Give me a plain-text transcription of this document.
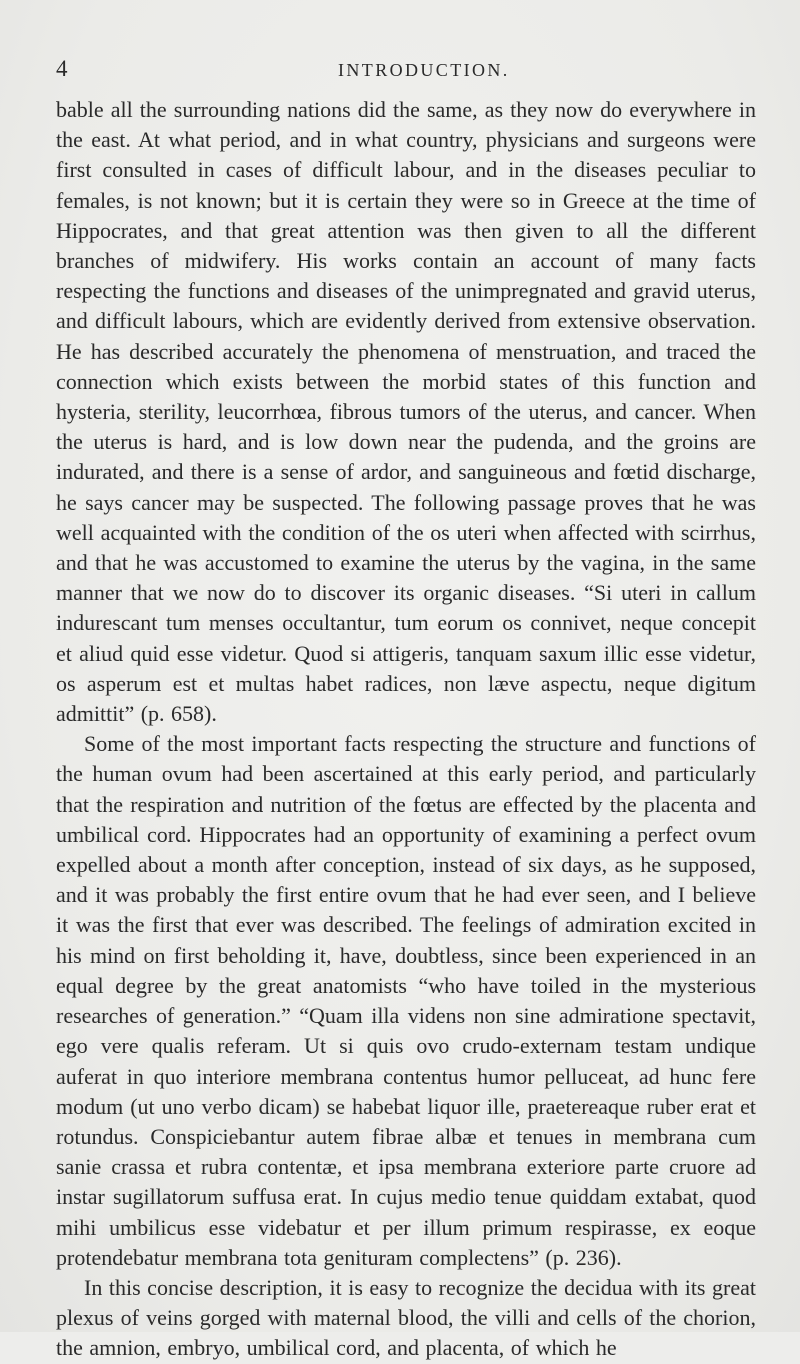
4	INTRODUCTION.

bable all the surrounding nations did the same, as they now do everywhere in the east. At what period, and in what country, physicians and surgeons were first consulted in cases of difficult labour, and in the diseases peculiar to females, is not known; but it is certain they were so in Greece at the time of Hippocrates, and that great attention was then given to all the different branches of midwifery. His works contain an account of many facts respecting the functions and diseases of the unimpregnated and gravid uterus, and difficult labours, which are evidently derived from extensive observation. He has described accurately the phenomena of menstruation, and traced the connection which exists between the morbid states of this function and hysteria, sterility, leucorrhœa, fibrous tumors of the uterus, and cancer. When the uterus is hard, and is low down near the pudenda, and the groins are indurated, and there is a sense of ardor, and sanguineous and fœtid discharge, he says cancer may be suspected. The following passage proves that he was well acquainted with the condition of the os uteri when affected with scirrhus, and that he was accustomed to examine the uterus by the vagina, in the same manner that we now do to discover its organic diseases. “Si uteri in callum indurescant tum menses occultantur, tum eorum os connivet, neque concepit et aliud quid esse videtur. Quod si attigeris, tanquam saxum illic esse videtur, os asperum est et multas habet radices, non læve aspectu, neque digitum admittit” (p. 658).

Some of the most important facts respecting the structure and functions of the human ovum had been ascertained at this early period, and particularly that the respiration and nutrition of the fœtus are effected by the placenta and umbilical cord. Hippocrates had an opportunity of examining a perfect ovum expelled about a month after conception, instead of six days, as he supposed, and it was probably the first entire ovum that he had ever seen, and I believe it was the first that ever was described. The feelings of admiration excited in his mind on first beholding it, have, doubtless, since been experienced in an equal degree by the great anatomists “who have toiled in the mysterious researches of generation.” “Quam illa videns non sine admiratione spectavit, ego vere qualis referam. Ut si quis ovo crudo-externam testam undique auferat in quo interiore membrana contentus humor pelluceat, ad hunc fere modum (ut uno verbo dicam) se habebat liquor ille, praetereaque ruber erat et rotundus. Conspiciebantur autem fibrae albæ et tenues in membrana cum sanie crassa et rubra contentæ, et ipsa membrana exteriore parte cruore ad instar sugillatorum suffusa erat. In cujus medio tenue quiddam extabat, quod mihi umbilicus esse videbatur et per illum primum respirasse, ex eoque protendebatur membrana tota genituram complectens” (p. 236).

In this concise description, it is easy to recognize the decidua with its great plexus of veins gorged with maternal blood, the villi and cells of the chorion, the amnion, embryo, umbilical cord, and placenta, of which he
